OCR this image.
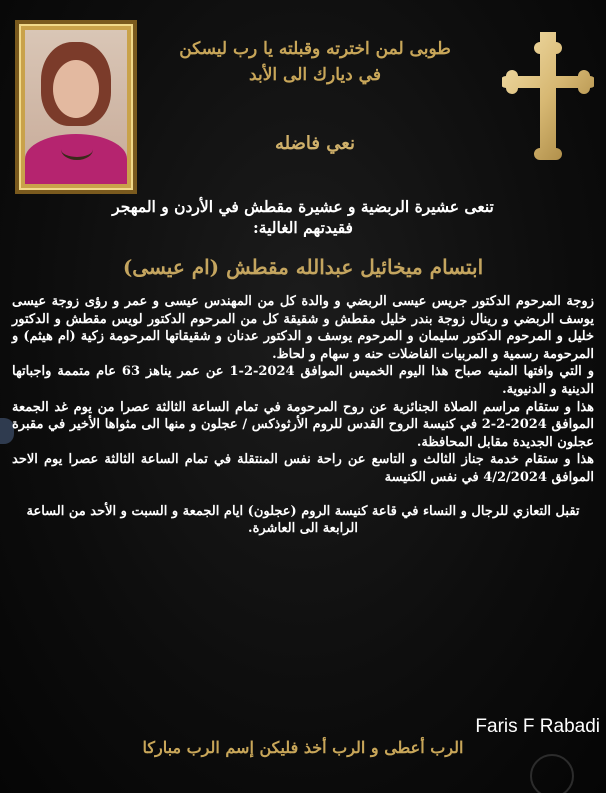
طوبى لمن اخترته وقبلته يا رب ليسكن
في ديارك الى الأبد
نعي فاضله
تنعى عشيرة الربضية و عشيرة مقطش في الأردن و المهجر
فقيدتهم الغالية:
ابتسام ميخائيل عبدالله مقطش (ام عيسى)

زوجة المرحوم الدكتور جريس عيسى الربضي و والدة كل من المهندس عيسى و عمر و رؤى زوجة عيسى يوسف الربضي و رينال زوجة بندر خليل مقطش و شقيقة كل من المرحوم الدكتور لويس مقطش و الدكتور خليل و المرحوم الدكتور سليمان و المرحوم يوسف و الدكتور عدنان و شقيقاتها المرحومة زكية (ام هيثم) و المرحومة رسمية و المربيات الفاضلات حنه و سهام و لحاظ.

و التي وافتها المنيه صباح هذا اليوم الخميس الموافق 2024-2-1 عن عمر يناهز 63 عام متممة واجباتها الدينية و الدنيوية.

هذا و ستقام مراسم الصلاة الجنائزية عن روح المرحومة في تمام الساعة الثالثة عصرا من يوم غد الجمعة الموافق 2024-2-2 في كنيسة الروح القدس للروم الأرثوذكس / عجلون و منها الى مثواها الأخير في مقبرة عجلون الجديدة مقابل المحافظة.

هذا و ستقام خدمة جناز الثالث و التاسع عن راحة نفس المنتقلة في تمام الساعة الثالثة عصرا يوم الاحد الموافق 4/2/2024 في نفس الكنيسة

تقبل التعازي للرجال و النساء في قاعة كنيسة الروم (عجلون) ايام الجمعة و السبت و الأحد من الساعة الرابعة الى العاشرة.

Faris F Rabadi
الرب أعطى و الرب أخذ فليكن إسم الرب مباركا
